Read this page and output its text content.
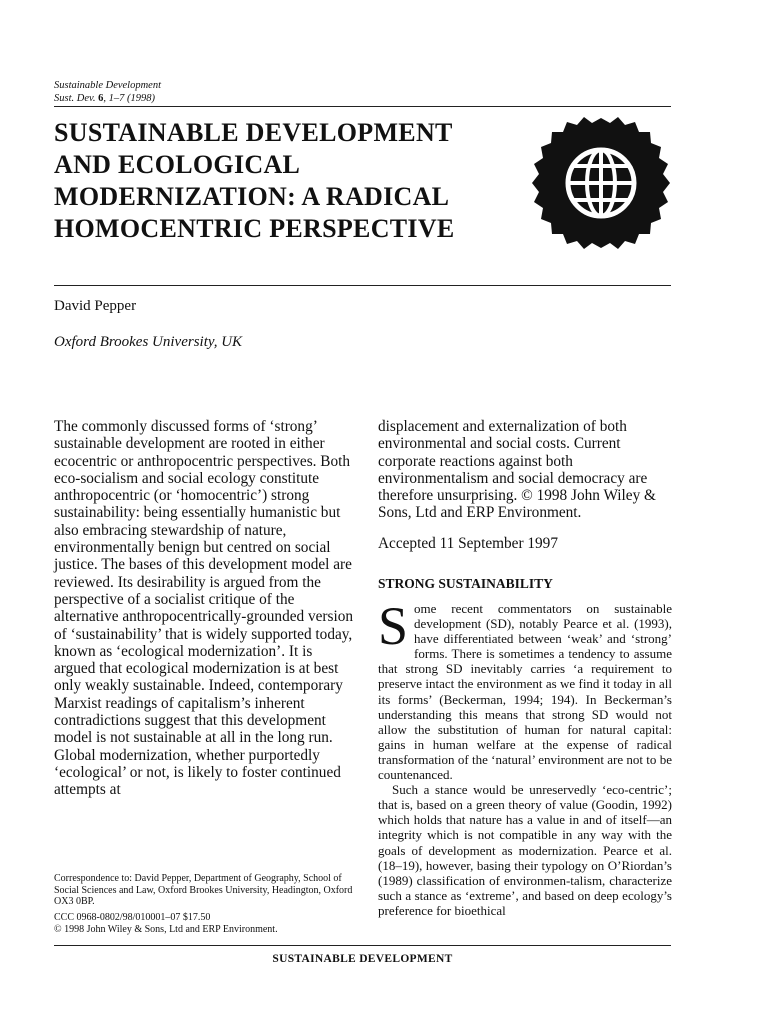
Sustainable Development
Sust. Dev. 6, 1–7 (1998)
SUSTAINABLE DEVELOPMENT AND ECOLOGICAL MODERNIZATION: A RADICAL HOMOCENTRIC PERSPECTIVE
David Pepper
Oxford Brookes University, UK

The commonly discussed forms of ‘strong’ sustainable development are rooted in either ecocentric or anthropocentric perspectives. Both eco-socialism and social ecology constitute anthropocentric (or ‘homocentric’) strong sustainability: being essentially humanistic but also embracing stewardship of nature, environmentally benign but centred on social justice. The bases of this development model are reviewed. Its desirability is argued from the perspective of a socialist critique of the alternative anthropocentrically-grounded version of ‘sustainability’ that is widely supported today, known as ‘ecological modernization’. It is argued that ecological modernization is at best only weakly sustainable. Indeed, contemporary Marxist readings of capitalism’s inherent contradictions suggest that this development model is not sustainable at all in the long run. Global modernization, whether purportedly ‘ecological’ or not, is likely to foster continued attempts at

displacement and externalization of both environmental and social costs. Current corporate reactions against both environmentalism and social democracy are therefore unsurprising. © 1998 John Wiley & Sons, Ltd and ERP Environment.

Accepted 11 September 1997
STRONG SUSTAINABILITY

Some recent commentators on sustainable development (SD), notably Pearce et al. (1993), have differentiated between ‘weak’ and ‘strong’ forms. There is sometimes a tendency to assume that strong SD inevitably carries ‘a requirement to preserve intact the environment as we find it today in all its forms’ (Beckerman, 1994; 194). In Beckerman’s understanding this means that strong SD would not allow the substitution of human for natural capital: gains in human welfare at the expense of radical transformation of the ‘natural’ environment are not to be countenanced.

Such a stance would be unreservedly ‘eco-centric’; that is, based on a green theory of value (Goodin, 1992) which holds that nature has a value in and of itself—an integrity which is not compatible in any way with the goals of development as modernization. Pearce et al. (18–19), however, basing their typology on O’Riordan’s (1989) classification of environmen-talism, characterize such a stance as ‘extreme’, and based on deep ecology’s preference for bioethical

Correspondence to: David Pepper, Department of Geography, School of Social Sciences and Law, Oxford Brookes University, Headington, Oxford OX3 0BP.

CCC 0968-0802/98/010001–07 $17.50
© 1998 John Wiley & Sons, Ltd and ERP Environment.
SUSTAINABLE DEVELOPMENT
